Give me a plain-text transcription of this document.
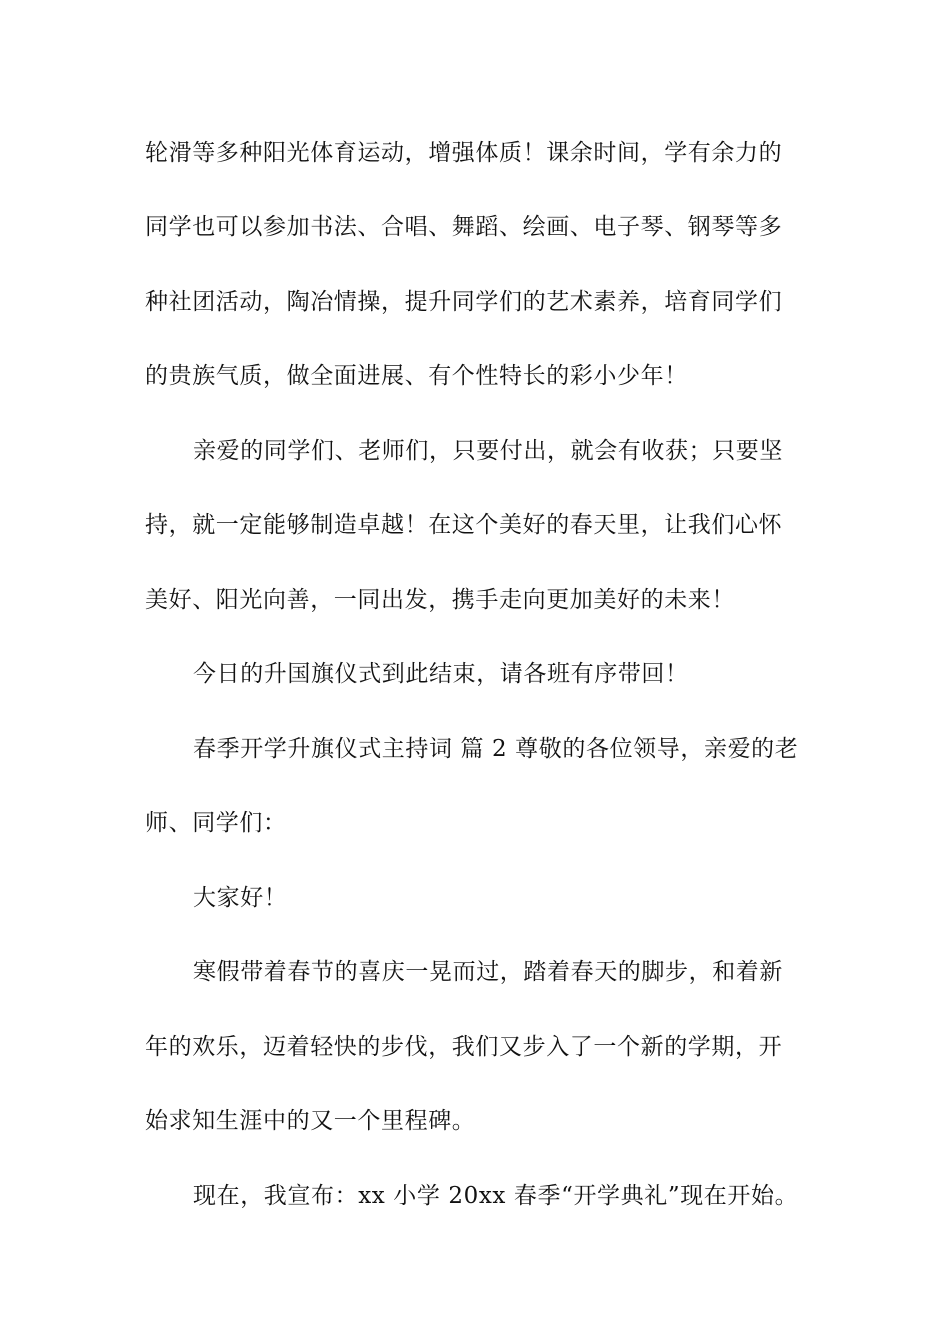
轮滑等多种阳光体育运动，增强体质！课余时间，学有余力的
同学也可以参加书法、合唱、舞蹈、绘画、电子琴、钢琴等多
种社团活动，陶冶情操，提升同学们的艺术素养，培育同学们
的贵族气质，做全面进展、有个性特长的彩小少年！
亲爱的同学们、老师们，只要付出，就会有收获；只要坚
持，就一定能够制造卓越！在这个美好的春天里，让我们心怀
美好、阳光向善，一同出发，携手走向更加美好的未来！
今日的升国旗仪式到此结束，请各班有序带回！
春季开学升旗仪式主持词 篇 2 尊敬的各位领导，亲爱的老
师、同学们：
大家好！
寒假带着春节的喜庆一晃而过，踏着春天的脚步，和着新
年的欢乐，迈着轻快的步伐，我们又步入了一个新的学期，开
始求知生涯中的又一个里程碑。
现在，我宣布：xx 小学 20xx 春季“开学典礼”现在开始。
